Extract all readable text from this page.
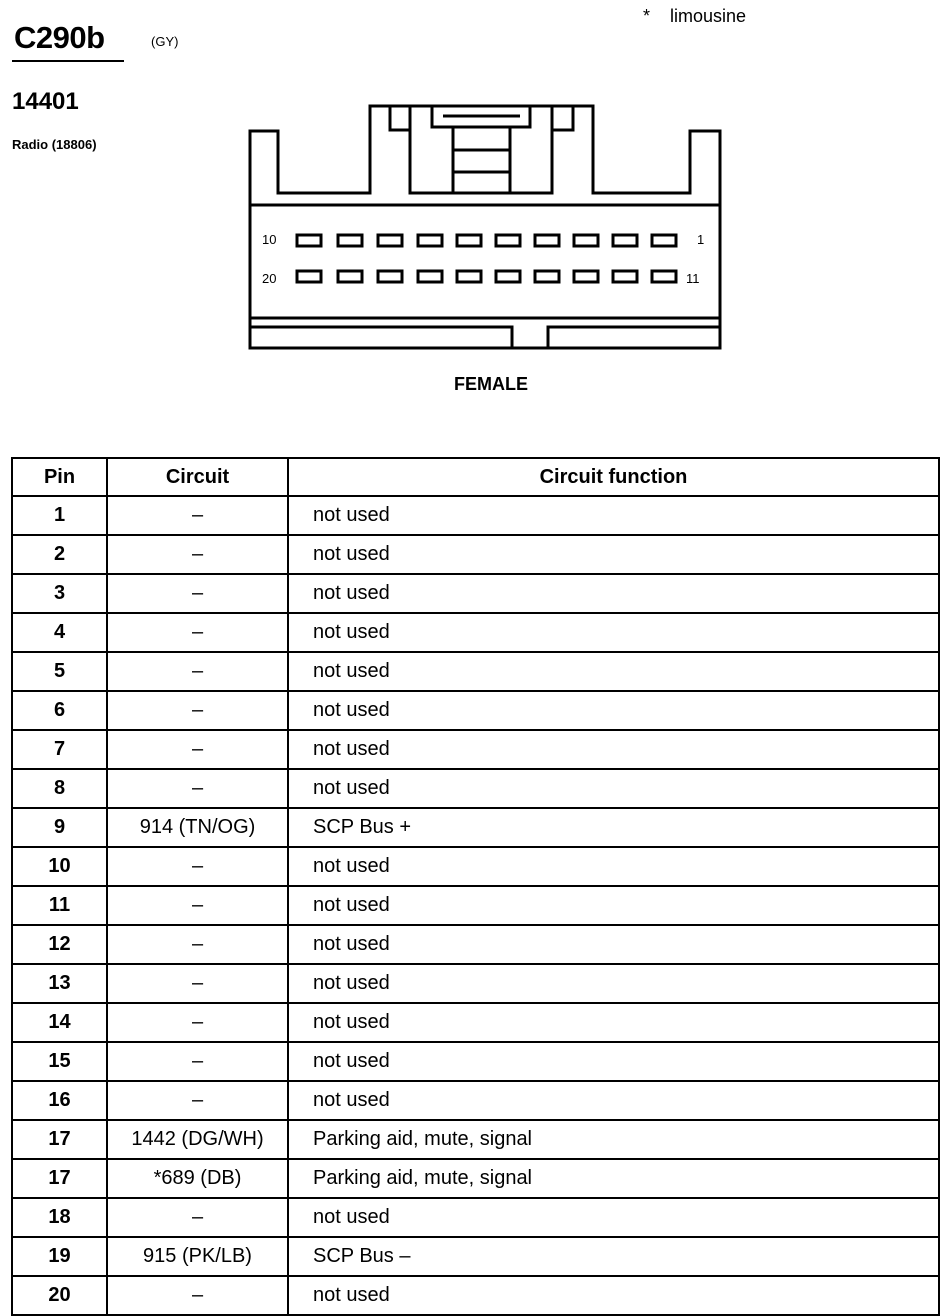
C290b	(GY)
* limousine
14401
Radio (18806)
10	1
20	11
FEMALE
Pin	Circuit	Circuit function
1	–	not used
2	–	not used
3	–	not used
4	–	not used
5	–	not used
6	–	not used
7	–	not used
8	–	not used
9	914 (TN/OG)	SCP Bus +
10	–	not used
11	–	not used
12	–	not used
13	–	not used
14	–	not used
15	–	not used
16	–	not used
17	1442 (DG/WH)	Parking aid, mute, signal
17	*689 (DB)	Parking aid, mute, signal
18	–	not used
19	915 (PK/LB)	SCP Bus –
20	–	not used
